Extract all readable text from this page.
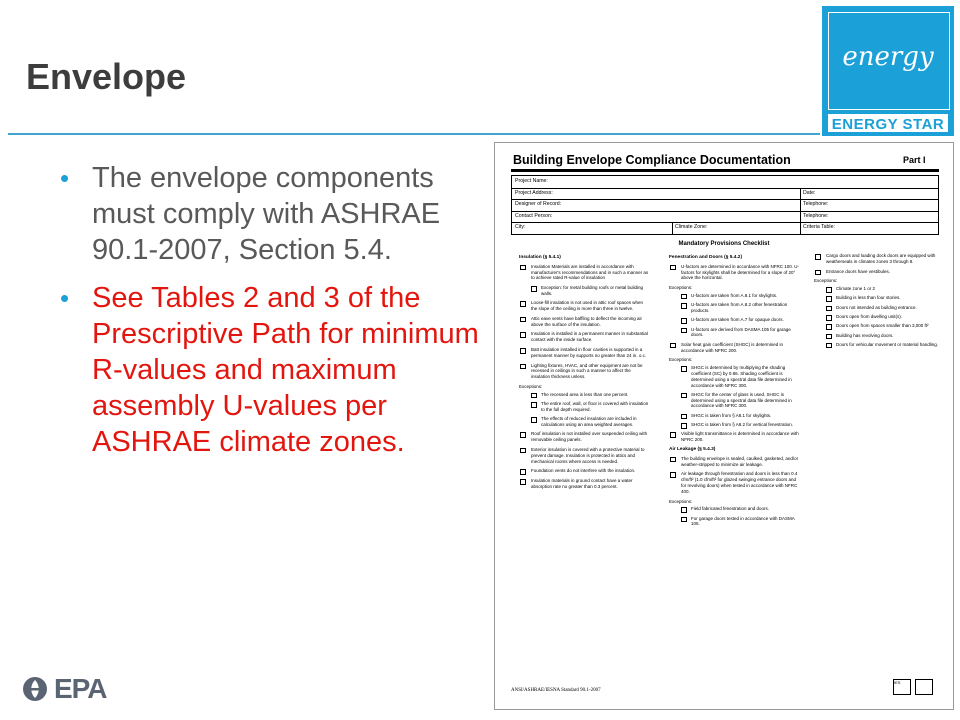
Envelope	energy
ENERGY STAR
• The envelope components must comply with ASHRAE 90.1-2007, Section 5.4.
• See Tables 2 and 3 of the Prescriptive Path for minimum R-values and maximum assembly U-values per ASHRAE climate zones.
EPA
Building Envelope Compliance Documentation	Part I
Project Name:
Project Address:	Date:
Designer of Record:	Telephone:
Contact Person:	Telephone:
City:	Climate Zone:	Criteria Table:
Mandatory Provisions Checklist
Insulation (§ 5.4.1)
Insulation Materials are installed in accordance with manufacturer's recommendations and in such a manner as to achieve rated R-value of insulation
Exception: for metal building roofs or metal building walls.
Loose-fill insulation is not used in attic roof spaces when the slope of the ceiling is more than three in twelve.
Attic eave vents have baffling to deflect the incoming air above the surface of the insulation.
Insulation is installed in a permanent manner in substantial contact with the inside surface.
Batt insulation installed in floor cavities is supported in a permanent manner by supports no greater than 24 in. o.c.
Lighting fixtures, HVAC, and other equipment are not be recessed in ceilings in such a manner to affect the insulation thickness unless.
Exceptions:
The recessed area is less than one percent.
The entire roof, wall, or floor is covered with insulation to the full depth required.
The effects of reduced insulation are included in calculations using an area weighted averages.
Roof insulation is not installed over suspended ceiling with removable ceiling panels.
Exterior insulation is covered with a protective material to prevent damage. Insulation is protected in attics and mechanical rooms where access is needed.
Foundation vents do not interfere with the insulation.
Insulation materials in ground contact have a water absorption rate no greater than 0.3 percent.
Fenestration and Doors (§ 5.4.2)
U-factors are determined in accordance with NFRC 100. U-factors for skylights shall be determined for a slope of 20° above the horizontal.
Exceptions:
U-factors are taken from A.8.1 for skylights.
U-factors are taken from A.8.2 other fenestration products.
U-factors are taken from A.7 for opaque doors.
U-factors are derived from DASMA 105 for garage doors.
Solar heat gain coefficient (SHGC) is determined in accordance with NFRC 200.
Exceptions:
SHGC is determined by multiplying the shading coefficient (SC) by 0.86. Shading coefficient is determined using a spectral data file determined in accordance with NFRC 300.
SHGC for the center of glass is used. SHGC is determined using a spectral data file determined in accordance with NFRC 300.
SHGC is taken from § A8.1 for skylights.
SHGC is taken from § A8.2 for vertical fenestration.
Visible light transmittance is determined in accordance with NFRC 200.
Air Leakage (§ 5.4.3)
The building envelope is sealed, caulked, gasketed, and/or weather-stripped to minimize air leakage.
Air leakage through fenestration and doors is less than 0.4 cfm/ft² (1.0 cfm/ft² for glazed swinging entrance doors and for revolving doors) when tested in accordance with NFRC 400.
Exceptions:
Field fabricated fenestration and doors.
For garage doors tested in accordance with DASMA 105.
Cargo doors and loading dock doors are equipped with weatherseals in climates zones 3 through 8.
Entrance doors have vestibules.
Exceptions:
Climate zone 1 or 2
Building is less than four stories.
Doors not intended as building entrance.
Doors open from dwelling unit(s).
Doors open from spaces smaller than 3,000 ft²
Building has revolving doors.
Doors for vehicular movement or material handling.
ANSI/ASHRAE/IESNA Standard 90.1-2007
IES
